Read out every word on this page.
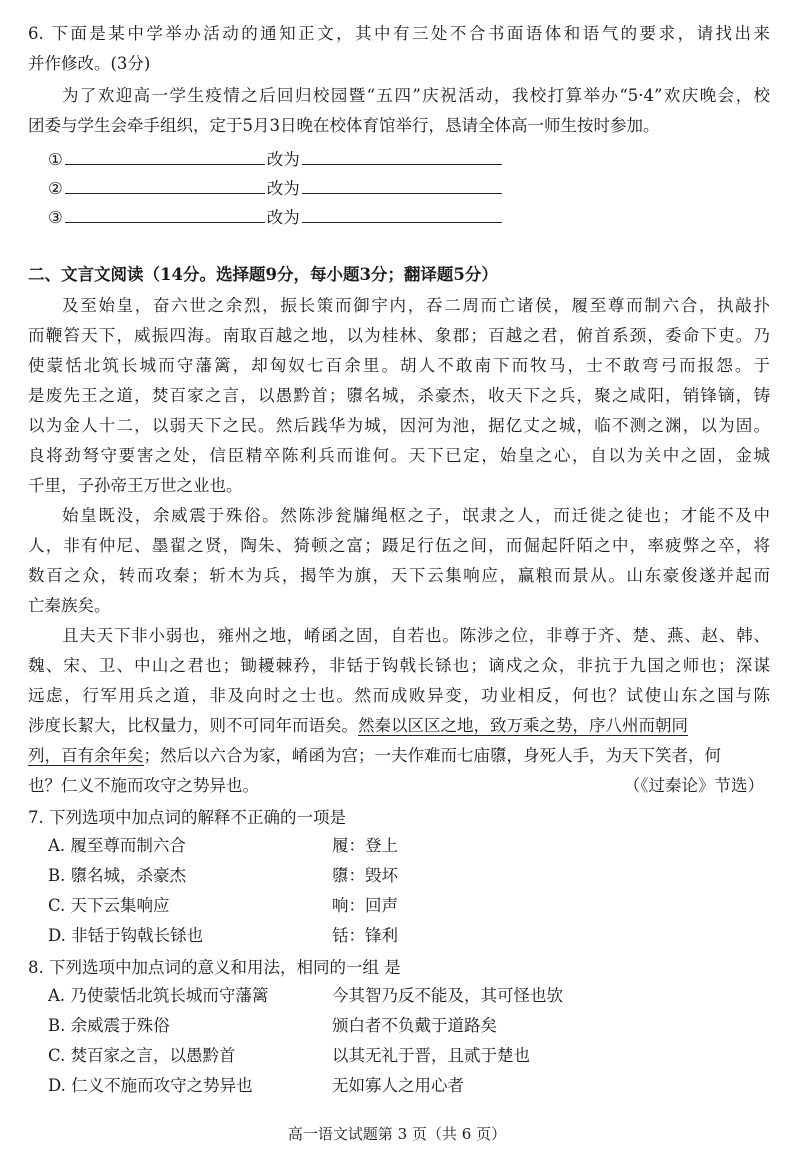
6. 下面是某中学举办活动的通知正文，其中有三处不合书面语体和语气的要求，请找出来
并作修改。(3分)
为了欢迎高一学生疫情之后回归校园暨“五四”庆祝活动，我校打算举办“5·4”欢庆晚会，校
团委与学生会牵手组织，定于5月3日晚在校体育馆举行，恳请全体高一师生按时参加。
①	改为
②	改为
③	改为
二、文言文阅读（14分。选择题9分，每小题3分；翻译题5分）
及至始皇，奋六世之余烈，振长策而御宇内，吞二周而亡诸侯，履至尊而制六合，执敲扑
而鞭笞天下，威振四海。南取百越之地，以为桂林、象郡；百越之君，俯首系颈，委命下吏。乃
使蒙恬北筑长城而守藩篱，却匈奴七百余里。胡人不敢南下而牧马，士不敢弯弓而报怨。于
是废先王之道，焚百家之言，以愚黔首；隳名城，杀豪杰，收天下之兵，聚之咸阳，销锋镝，铸
以为金人十二，以弱天下之民。然后践华为城，因河为池，据亿丈之城，临不测之渊，以为固。
良将劲弩守要害之处，信臣精卒陈利兵而谁何。天下已定，始皇之心，自以为关中之固，金城
千里，子孙帝王万世之业也。
始皇既没，余威震于殊俗。然陈涉瓮牖绳枢之子，氓隶之人，而迁徙之徒也；才能不及中
人，非有仲尼、墨翟之贤，陶朱、猗顿之富；蹑足行伍之间，而倔起阡陌之中，率疲弊之卒，将
数百之众，转而攻秦；斩木为兵，揭竿为旗，天下云集响应，赢粮而景从。山东豪俊遂并起而
亡秦族矣。
且夫天下非小弱也，雍州之地，崤函之固，自若也。陈涉之位，非尊于齐、楚、燕、赵、韩、
魏、宋、卫、中山之君也；锄耰棘矜，非铦于钩戟长铩也；谪戍之众，非抗于九国之师也；深谋
远虑，行军用兵之道，非及向时之士也。然而成败异变，功业相反，何也？试使山东之国与陈
涉度长絜大，比权量力，则不可同年而语矣。然秦以区区之地，致万乘之势，序八州而朝同
列，百有余年矣；然后以六合为家，崤函为宫；一夫作难而七庙隳，身死人手，为天下笑者，何
也？仁义不施而攻守之势异也。	（《过秦论》节选）
7. 下列选项中加点词的解释不正确的一项是
A. 履至尊而制六合	履：登上
B. 隳名城，杀豪杰	隳：毁坏
C. 天下云集响应	响：回声
D. 非铦于钩戟长铩也	铦：锋利
8. 下列选项中加点词的意义和用法，相同的一组 是
A. 乃使蒙恬北筑长城而守藩篱	今其智乃反不能及，其可怪也欤
B. 余威震于殊俗	颁白者不负戴于道路矣
C. 焚百家之言，以愚黔首	以其无礼于晋，且贰于楚也
D. 仁义不施而攻守之势异也	无如寡人之用心者
高一语文试题第 3 页（共 6 页）
